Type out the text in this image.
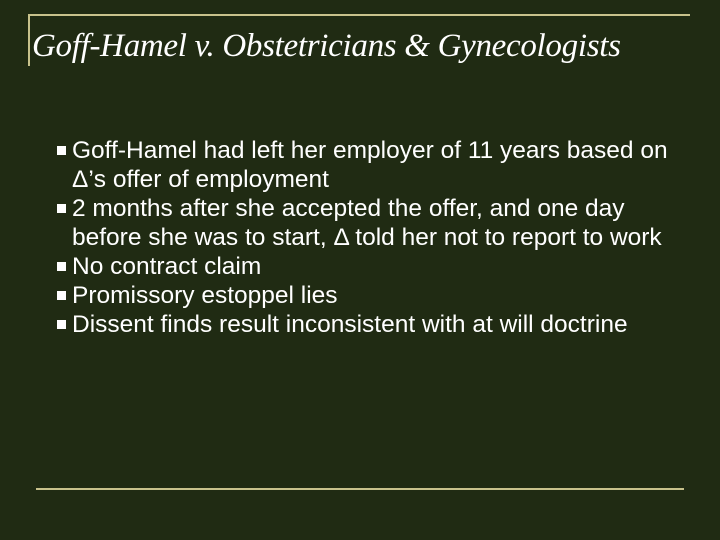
Goff-Hamel v. Obstetricians & Gynecologists
Goff-Hamel had left her employer of 11 years based on Δ’s offer of employment
2 months after she accepted the offer, and one day before she was to start, Δ told her not to report to work
No contract claim
Promissory estoppel lies
Dissent finds result inconsistent with at will doctrine
